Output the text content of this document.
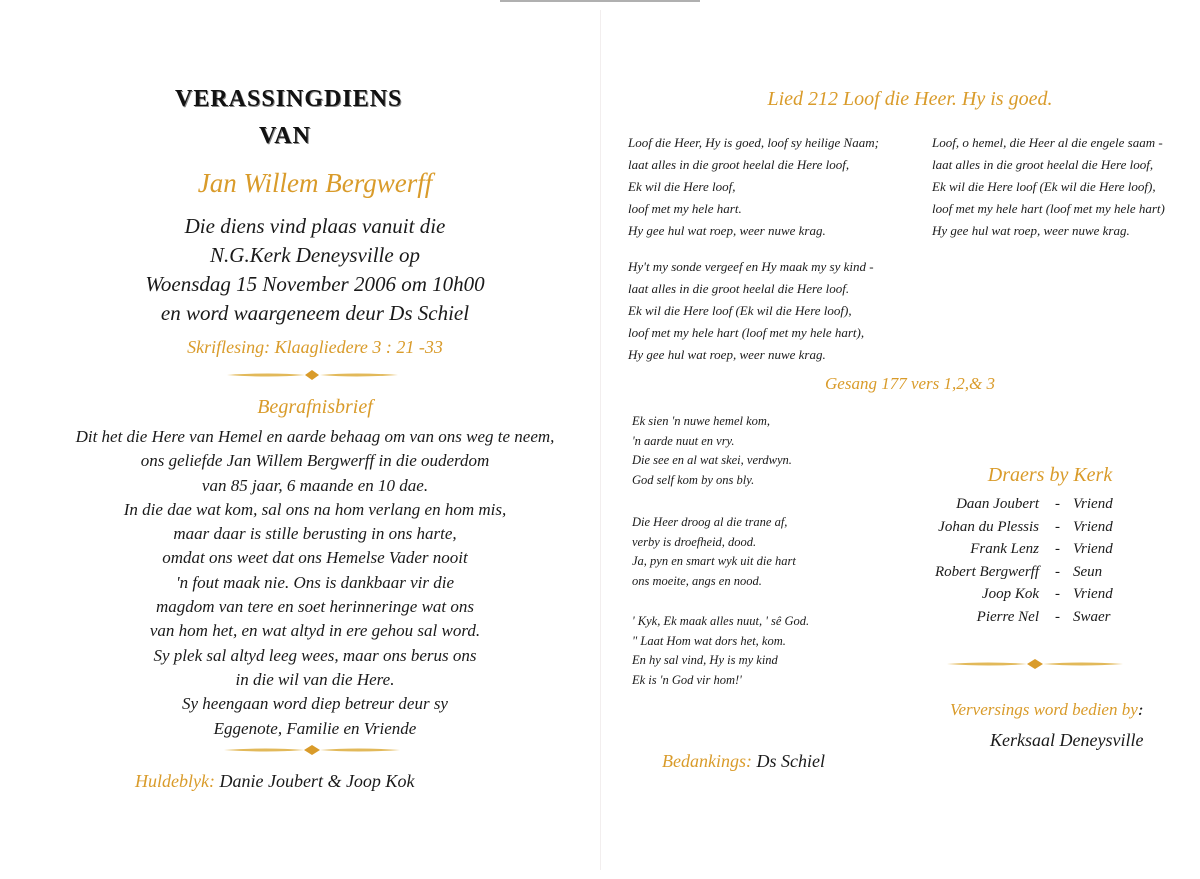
VERASSINGDIENS
VAN
Jan Willem Bergwerff
Die diens vind plaas vanuit die
N.G.Kerk Deneysville op
Woensdag 15 November 2006 om 10h00
en word waargeneem deur Ds Schiel
Skriflesing: Klaagliedere 3 : 21 -33
Begrafnisbrief
Dit het die Here van Hemel en aarde behaag om van ons weg te neem,
ons geliefde Jan Willem Bergwerff in die ouderdom
van 85 jaar, 6 maande en 10 dae.
In die dae wat kom, sal ons na hom verlang en hom mis,
maar daar is stille berusting in ons harte,
omdat ons weet dat ons Hemelse Vader nooit
'n fout maak nie. Ons is dankbaar vir die
magdom van tere en soet herinneringe wat ons
van hom het, en wat altyd in ere gehou sal word.
Sy plek sal altyd leeg wees, maar ons berus ons
in die wil van die Here.
Sy heengaan word diep betreur deur sy
Eggenote, Familie en Vriende
Huldeblyk: Danie Joubert & Joop Kok
Lied 212 Loof die Heer. Hy is goed.
Loof die Heer, Hy is goed, loof sy heilige Naam;
laat alles in die groot heelal die Here loof,
Ek wil die Here loof,
loof met my hele hart.
Hy gee hul wat roep, weer nuwe krag.
Hy't my sonde vergeef en Hy maak my sy kind -
laat alles in die groot heelal die Here loof.
Ek wil die Here loof (Ek wil die Here loof),
loof met my hele hart (loof met my hele hart),
Hy gee hul wat roep, weer nuwe krag.
Loof, o hemel, die Heer al die engele saam -
laat alles in die groot heelal die Here loof,
Ek wil die Here loof (Ek wil die Here loof),
loof met my hele hart (loof met my hele hart)
Hy gee hul wat roep, weer nuwe krag.
Gesang 177 vers 1,2,& 3
Ek sien 'n nuwe hemel kom,
'n aarde nuut en vry.
Die see en al wat skei, verdwyn.
God self kom by ons bly.
Die Heer droog al die trane af,
verby is droefheid, dood.
Ja, pyn en smart wyk uit die hart
ons moeite, angs en nood.
' Kyk, Ek maak alles nuut, ' sê God.
" Laat Hom wat dors het, kom.
En hy sal vind, Hy is my kind
Ek is 'n God vir hom!'
Draers by Kerk
Daan Joubert - Vriend
Johan du Plessis - Vriend
Frank Lenz - Vriend
Robert Bergwerff - Seun
Joop Kok - Vriend
Pierre Nel - Swaer
Verversings word bedien by:
Kerksaal Deneysville
Bedankings: Ds Schiel
